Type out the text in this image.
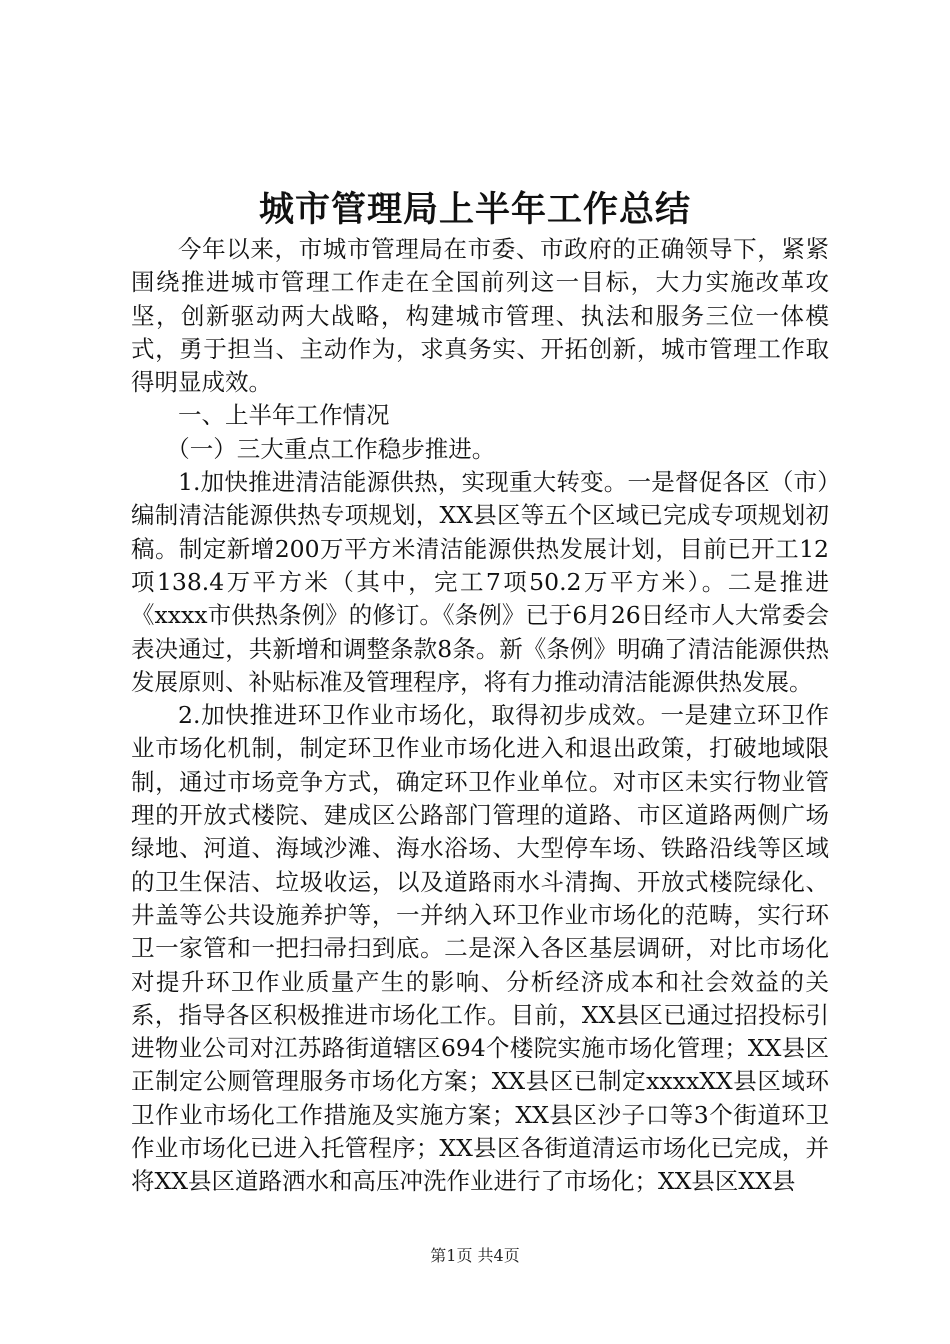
城市管理局上半年工作总结

今年以来，市城市管理局在市委、市政府的正确领导下，紧紧围绕推进城市管理工作走在全国前列这一目标，大力实施改革攻坚，创新驱动两大战略，构建城市管理、执法和服务三位一体模式，勇于担当、主动作为，求真务实、开拓创新，城市管理工作取得明显成效。

一、上半年工作情况

（一）三大重点工作稳步推进。

1.加快推进清洁能源供热，实现重大转变。一是督促各区（市）编制清洁能源供热专项规划，XX县区等五个区域已完成专项规划初稿。制定新增200万平方米清洁能源供热发展计划，目前已开工12项138.4万平方米（其中，完工7项50.2万平方米）。二是推进《xxxx市供热条例》的修订。《条例》已于6月26日经市人大常委会表决通过，共新增和调整条款8条。新《条例》明确了清洁能源供热发展原则、补贴标准及管理程序，将有力推动清洁能源供热发展。

2.加快推进环卫作业市场化，取得初步成效。一是建立环卫作业市场化机制，制定环卫作业市场化进入和退出政策，打破地域限制，通过市场竞争方式，确定环卫作业单位。对市区未实行物业管理的开放式楼院、建成区公路部门管理的道路、市区道路两侧广场绿地、河道、海域沙滩、海水浴场、大型停车场、铁路沿线等区域的卫生保洁、垃圾收运，以及道路雨水斗清掏、开放式楼院绿化、井盖等公共设施养护等，一并纳入环卫作业市场化的范畴，实行环卫一家管和一把扫帚扫到底。二是深入各区基层调研，对比市场化对提升环卫作业质量产生的影响、分析经济成本和社会效益的关系，指导各区积极推进市场化工作。目前，XX县区已通过招投标引进物业公司对江苏路街道辖区694个楼院实施市场化管理；XX县区正制定公厕管理服务市场化方案；XX县区已制定xxxxXX县区域环卫作业市场化工作措施及实施方案；XX县区沙子口等3个街道环卫作业市场化已进入托管程序；XX县区各街道清运市场化已完成，并将XX县区道路洒水和高压冲洗作业进行了市场化；XX县区XX县

第1页 共4页
